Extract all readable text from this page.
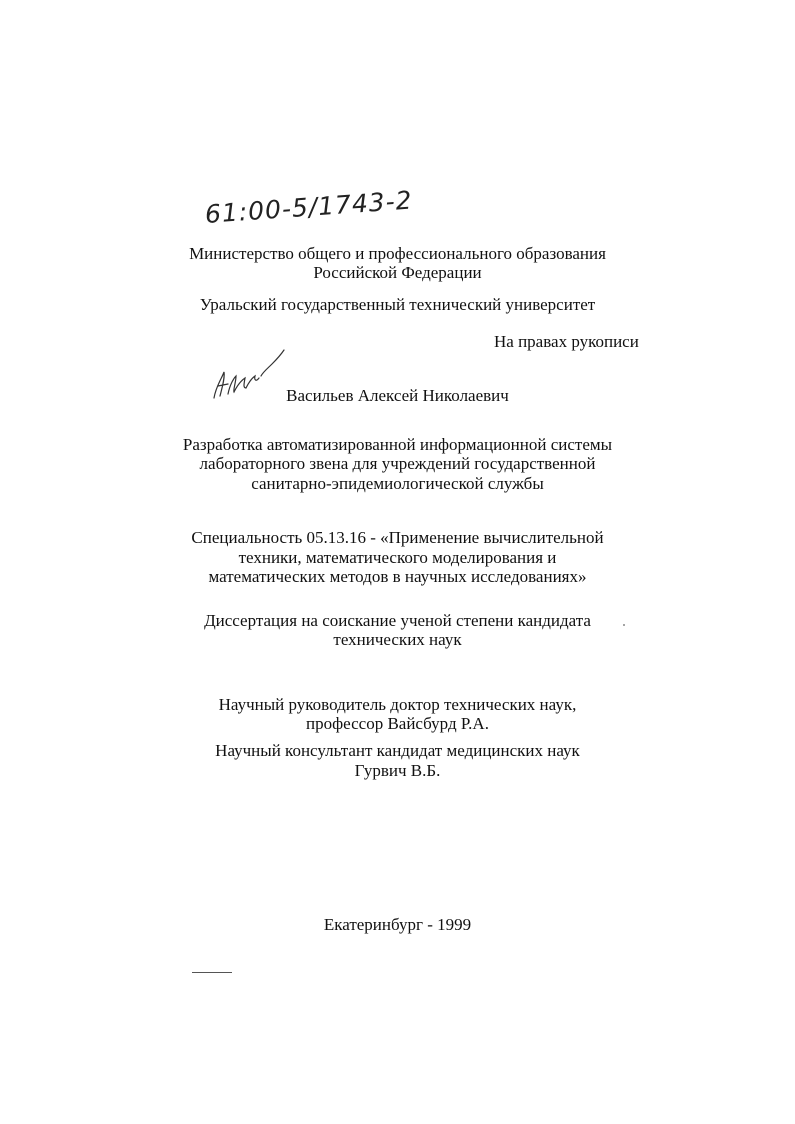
61:00-5/1743-2
Министерство общего и профессионального образования
Российской Федерации
Уральский государственный технический университет
На правах рукописи
Васильев Алексей Николаевич
Разработка автоматизированной информационной системы
лабораторного звена для учреждений государственной
санитарно-эпидемиологической службы
Специальность 05.13.16 - «Применение вычислительной
техники, математического моделирования и
математических методов в научных исследованиях»
Диссертация на соискание ученой степени кандидата
технических наук
Научный руководитель доктор технических наук,
профессор Вайсбурд Р.А.
Научный консультант кандидат медицинских наук
Гурвич В.Б.
Екатеринбург - 1999
